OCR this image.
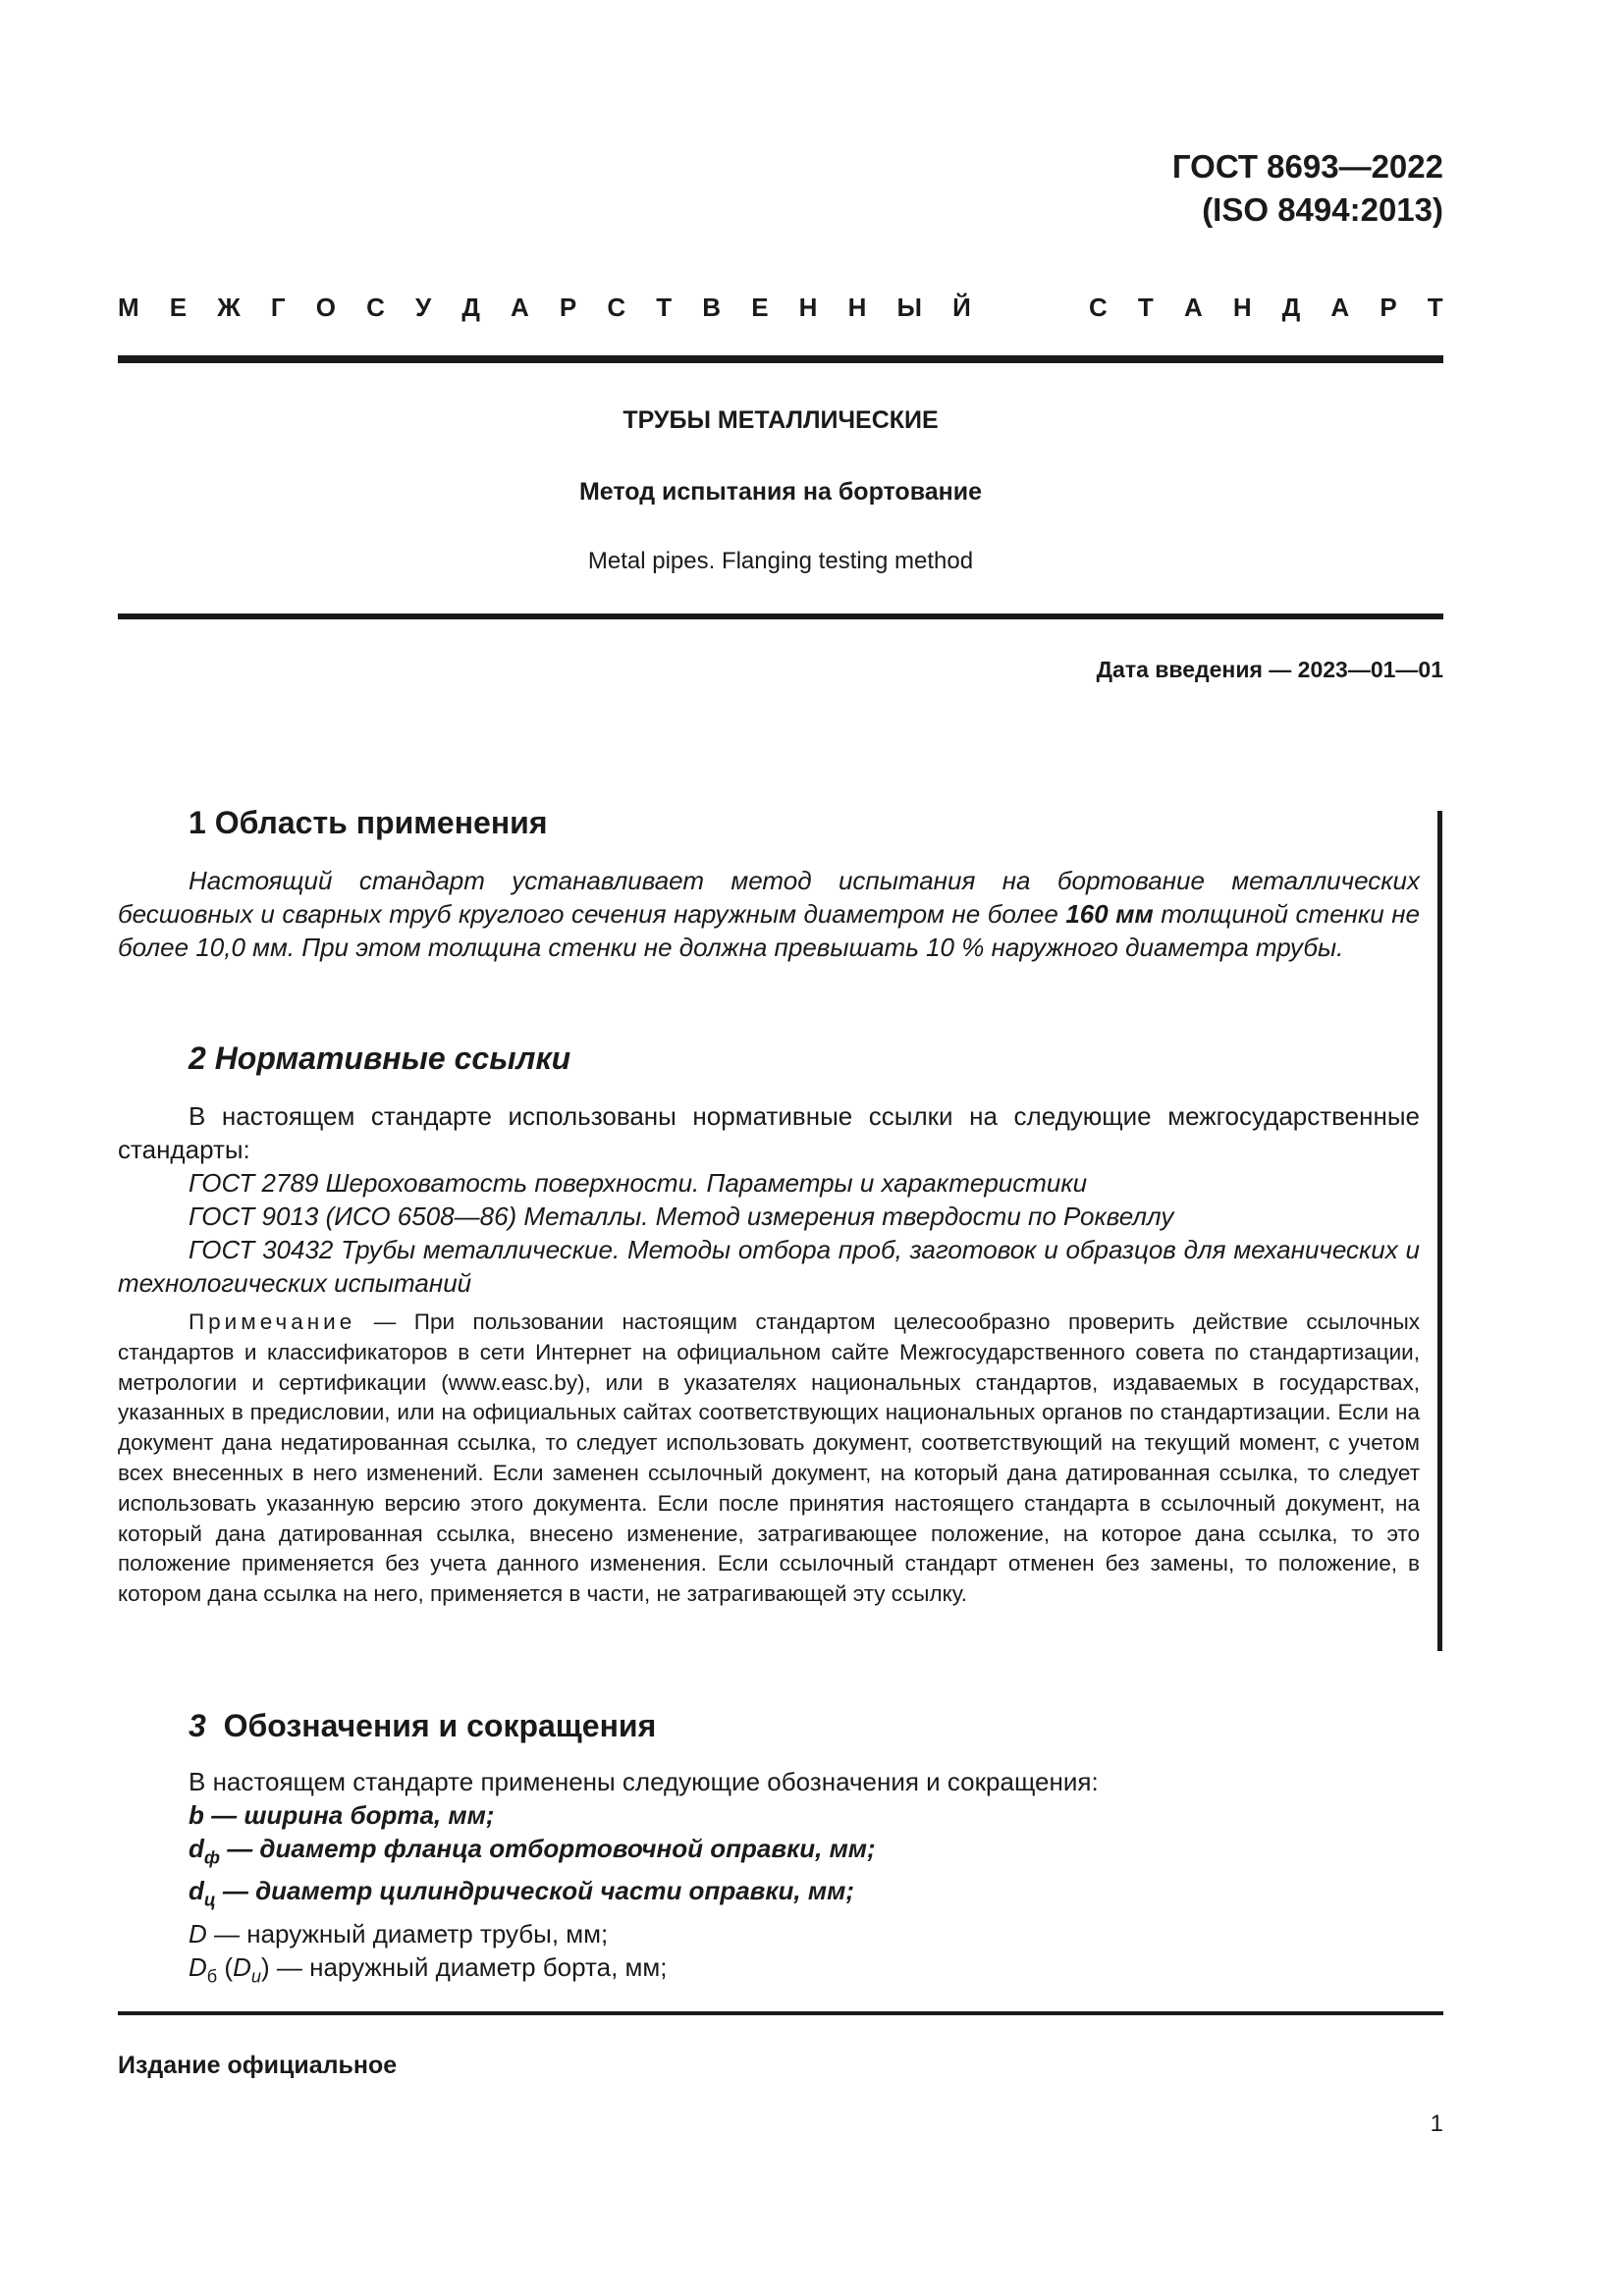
ГОСТ 8693—2022
(ISO 8494:2013)
М Е Ж Г О С У Д А Р С Т В Е Н Н Ы Й	С Т А Н Д А Р Т
ТРУБЫ МЕТАЛЛИЧЕСКИЕ
Метод испытания на бортование
Metal pipes. Flanging testing method
Дата введения — 2023—01—01
1 Область применения
Настоящий стандарт устанавливает метод испытания на бортование металлических бесшовных и сварных труб круглого сечения наружным диаметром не более 160 мм толщиной стенки не более 10,0 мм. При этом толщина стенки не должна превышать 10 % наружного диаметра трубы.
2 Нормативные ссылки
В настоящем стандарте использованы нормативные ссылки на следующие межгосударственные стандарты:
ГОСТ 2789 Шероховатость поверхности. Параметры и характеристики
ГОСТ 9013 (ИСО 6508—86) Металлы. Метод измерения твердости по Роквеллу
ГОСТ 30432 Трубы металлические. Методы отбора проб, заготовок и образцов для механических и технологических испытаний
Примечание — При пользовании настоящим стандартом целесообразно проверить действие ссылочных стандартов и классификаторов в сети Интернет на официальном сайте Межгосударственного совета по стандартизации, метрологии и сертификации (www.easc.by), или в указателях национальных стандартов, издаваемых в государствах, указанных в предисловии, или на официальных сайтах соответствующих национальных органов по стандартизации. Если на документ дана недатированная ссылка, то следует использовать документ, соответствующий на текущий момент, с учетом всех внесенных в него изменений. Если заменен ссылочный документ, на который дана датированная ссылка, то следует использовать указанную версию этого документа. Если после принятия настоящего стандарта в ссылочный документ, на который дана датированная ссылка, внесено изменение, затрагивающее положение, на которое дана ссылка, то это положение применяется без учета данного изменения. Если ссылочный стандарт отменен без замены, то положение, в котором дана ссылка на него, применяется в части, не затрагивающей эту ссылку.
3 Обозначения и сокращения
В настоящем стандарте применены следующие обозначения и сокращения:
b — ширина борта, мм;
$d_ф$ — диаметр фланца отбортовочной оправки, мм;
$d_ц$ — диаметр цилиндрической части оправки, мм;
D — наружный диаметр трубы, мм;
$D_б$ $(D_u)$ — наружный диаметр борта, мм;
Издание официальное
1
